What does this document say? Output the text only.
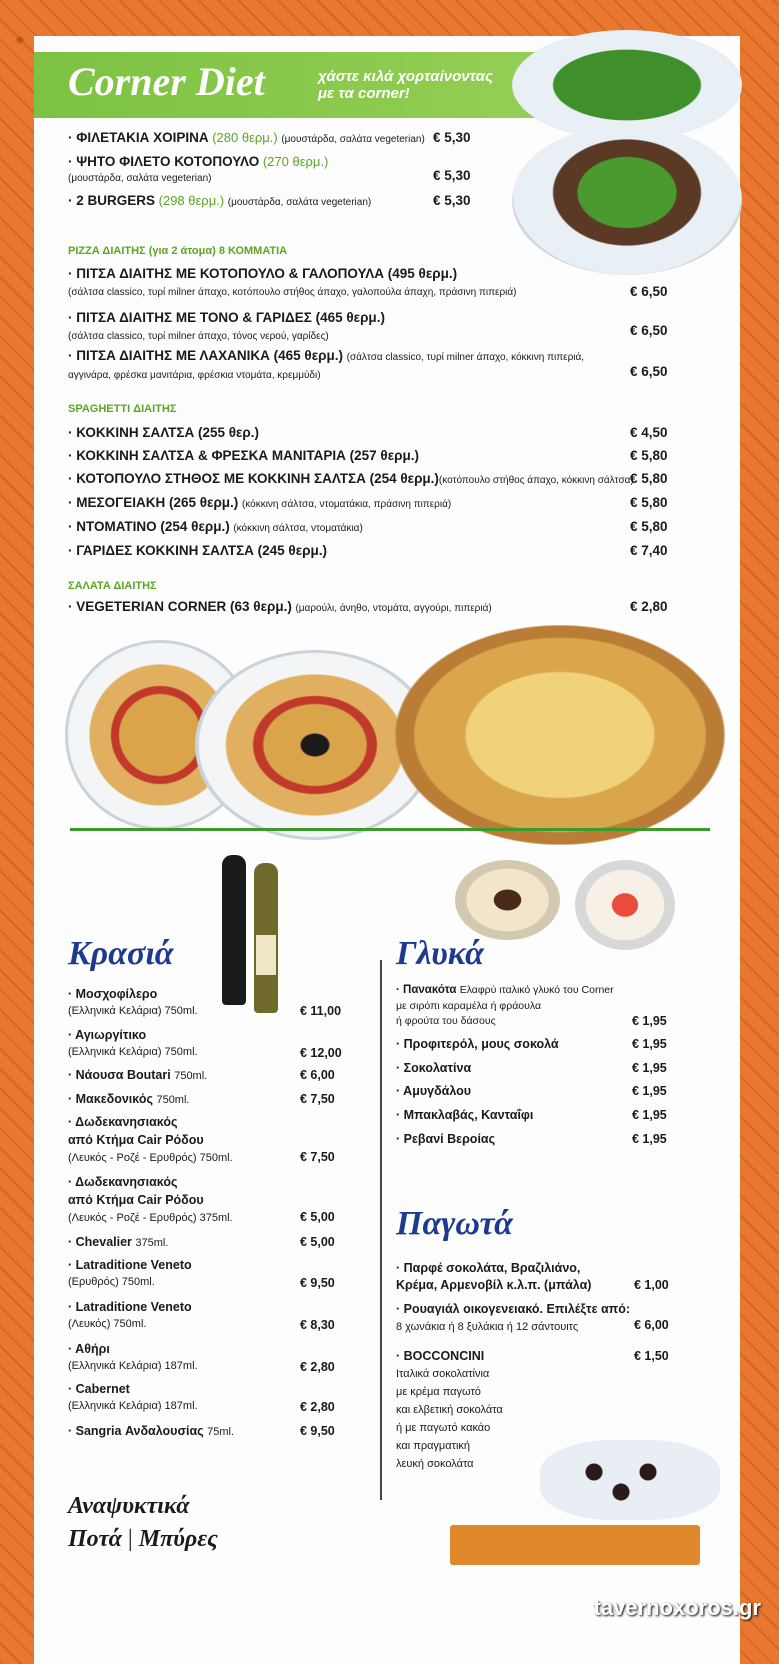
Corner Diet	χάστε κιλά χορταίνοντας
με τα corner!
· ΦΙΛΕΤΑΚΙΑ ΧΟΙΡΙΝΑ (280 θερμ.) (μουστάρδα, σαλάτα vegeterian) € 5,30
· ΨΗΤΟ ΦΙΛΕΤΟ ΚΟΤΟΠΟΥΛΟ (270 θερμ.)
(μουστάρδα, σαλάτα vegeterian)	€ 5,30
· 2 BURGERS (298 θερμ.) (μουστάρδα, σαλάτα vegeterian)	€ 5,30
PIZZA ΔΙΑΙΤΗΣ (για 2 άτομα) 8 ΚΟΜΜΑΤΙΑ
· ΠΙΤΣΑ ΔΙΑΙΤΗΣ ΜΕ ΚΟΤΟΠΟΥΛΟ & ΓΑΛΟΠΟΥΛΑ (495 θερμ.)
(σάλτσα classico, τυρί milner άπαχο, κοτόπουλο στήθος άπαχο, γαλοπούλα άπαχη, πράσινη πιπεριά)	€ 6,50
· ΠΙΤΣΑ ΔΙΑΙΤΗΣ ΜΕ ΤΟΝΟ & ΓΑΡΙΔΕΣ (465 θερμ.)
(σάλτσα classico, τυρί milner άπαχο, τόνος νερού, γαρίδες)	€ 6,50
· ΠΙΤΣΑ ΔΙΑΙΤΗΣ ΜΕ ΛΑΧΑΝΙΚΑ (465 θερμ.) (σάλτσα classico, τυρί milner άπαχο, κόκκινη πιπεριά,
αγγινάρα, φρέσκα μανιτάρια, φρέσκια ντομάτα, κρεμμύδι)	€ 6,50
SPAGHETTI ΔΙΑΙΤΗΣ
· ΚΟΚΚΙΝΗ ΣΑΛΤΣΑ (255 θερ.)	€ 4,50
· ΚΟΚΚΙΝΗ ΣΑΛΤΣΑ & ΦΡΕΣΚΑ ΜΑΝΙΤΑΡΙΑ (257 θερμ.)	€ 5,80
· ΚΟΤΟΠΟΥΛΟ ΣΤΗΘΟΣ ΜΕ ΚΟΚΚΙΝΗ ΣΑΛΤΣΑ (254 θερμ.)(κοτόπουλο στήθος άπαχο, κόκκινη σάλτσα)
€ 5,80
· ΜΕΣΟΓΕΙΑΚΗ (265 θερμ.) (κόκκινη σάλτσα, ντοματάκια, πράσινη πιπεριά)	€ 5,80
· ΝΤΟΜΑΤΙΝΟ (254 θερμ.) (κόκκινη σάλτσα, ντοματάκια)	€ 5,80
· ΓΑΡΙΔΕΣ ΚΟΚΚΙΝΗ ΣΑΛΤΣΑ (245 θερμ.)	€ 7,40
ΣΑΛΑΤΑ ΔΙΑΙΤΗΣ
· VEGETERIAN CORNER (63 θερμ.) (μαρούλι, άνηθο, ντομάτα, αγγούρι, πιπεριά)	€ 2,80
Κρασιά
· Μοσχοφίλερο
(Ελληνικά Κελάρια) 750ml.	€ 11,00
· Αγιωργίτικο
(Ελληνικά Κελάρια) 750ml.	€ 12,00
· Νάουσα Boutari 750ml.	€ 6,00
· Μακεδονικός 750ml.	€ 7,50
· Δωδεκανησιακός
από Κτήμα Cair Ρόδου
(Λευκός - Ροζέ - Ερυθρός) 750ml.	€ 7,50
· Δωδεκανησιακός
από Κτήμα Cair Ρόδου
(Λευκός - Ροζέ - Ερυθρός) 375ml.	€ 5,00
· Chevalier 375ml.	€ 5,00
· Latraditione Veneto
(Ερυθρός) 750ml.	€ 9,50
· Latraditione Veneto
(Λευκός) 750ml.	€ 8,30
· Αθήρι
(Ελληνικά Κελάρια) 187ml.	€ 2,80
· Cabernet
(Ελληνικά Κελάρια) 187ml.	€ 2,80
· Sangria Ανδαλουσίας 75ml.	€ 9,50
Γλυκά
· Πανακότα Ελαφρύ ιταλικό γλυκό του Corner
με σιρόπι καραμέλα ή φράουλα
ή φρούτα του δάσους	€ 1,95
· Προφιτερόλ, μους σοκολά	€ 1,95
· Σοκολατίνα	€ 1,95
· Αμυγδάλου	€ 1,95
· Μπακλαβάς, Κανταΐφι	€ 1,95
· Ρεβανί Βεροίας	€ 1,95
Παγωτά
· Παρφέ σοκολάτα, Βραζιλιάνο,
Κρέμα, Αρμενοβίλ κ.λ.π. (μπάλα)	€ 1,00
· Ρουαγιάλ οικογενειακό. Επιλέξτε από:
8 χωνάκια ή 8 ξυλάκια ή 12 σάντουιτς	€ 6,00
· BOCCONCINI	€ 1,50
Ιταλικά σοκολατίνια
με κρέμα παγωτό
και ελβετική σοκολάτα
ή με παγωτό κακάο
και πραγματική
λευκή σοκολάτα
Αναψυκτικά
Ποτά | Μπύρες
tavernoxoros.gr
